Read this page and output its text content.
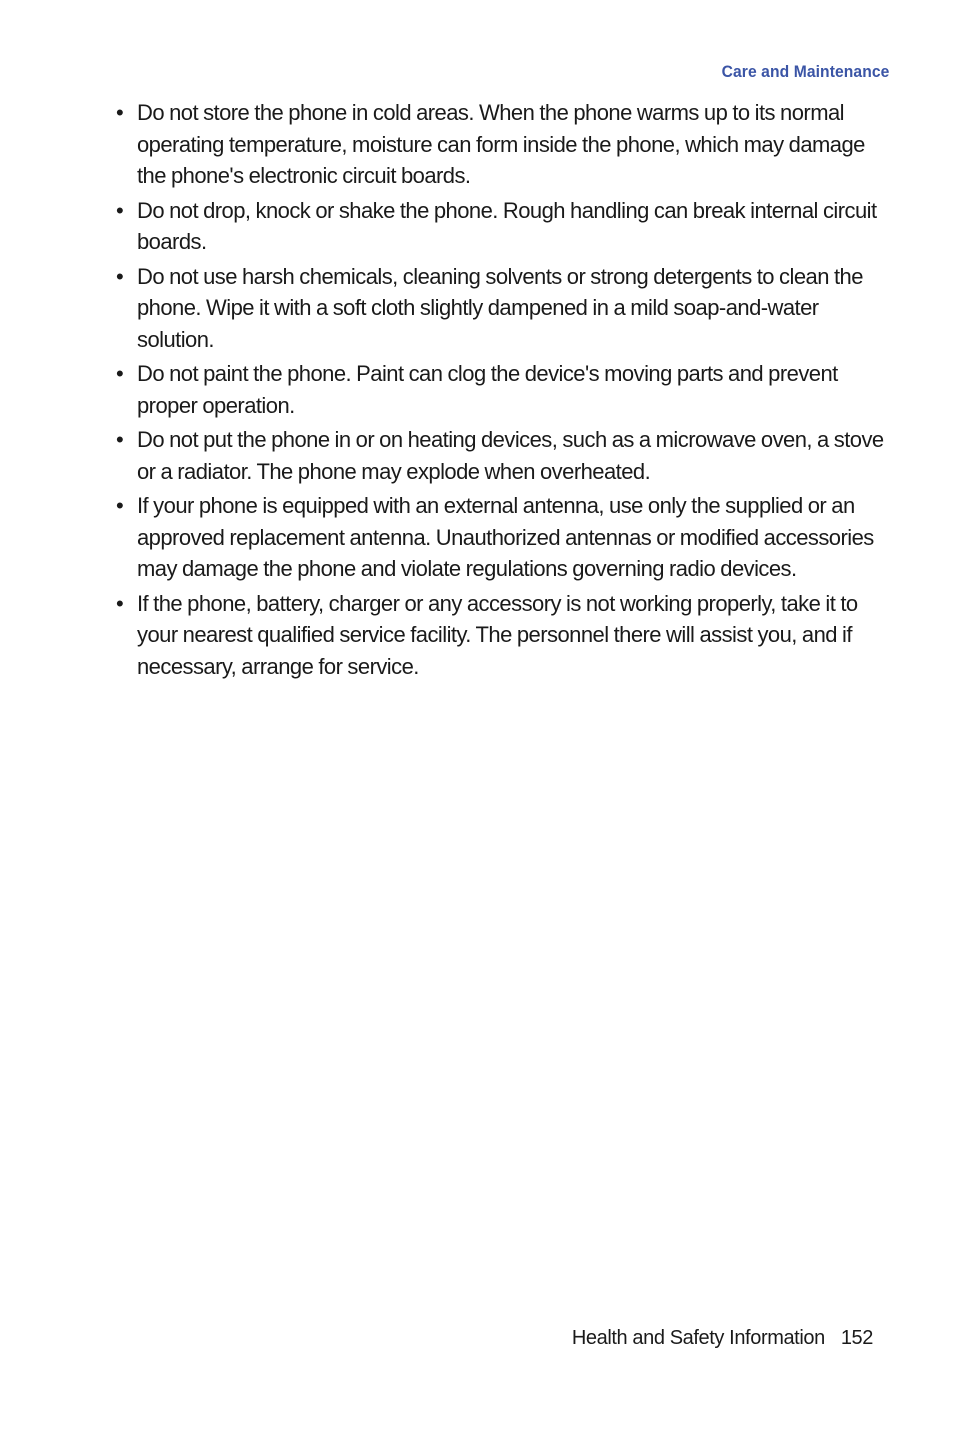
Care and Maintenance
• Do not store the phone in cold areas. When the phone warms up to its normal operating temperature, moisture can form inside the phone, which may damage the phone's electronic circuit boards.
• Do not drop, knock or shake the phone. Rough handling can break internal circuit boards.
• Do not use harsh chemicals, cleaning solvents or strong detergents to clean the phone. Wipe it with a soft cloth slightly dampened in a mild soap-and-water solution.
• Do not paint the phone. Paint can clog the device's moving parts and prevent proper operation.
• Do not put the phone in or on heating devices, such as a microwave oven, a stove or a radiator. The phone may explode when overheated.
• If your phone is equipped with an external antenna, use only the supplied or an approved replacement antenna. Unauthorized antennas or modified accessories may damage the phone and violate regulations governing radio devices.
• If the phone, battery, charger or any accessory is not working properly, take it to your nearest qualified service facility. The personnel there will assist you, and if necessary, arrange for service.
Health and Safety Information 152
